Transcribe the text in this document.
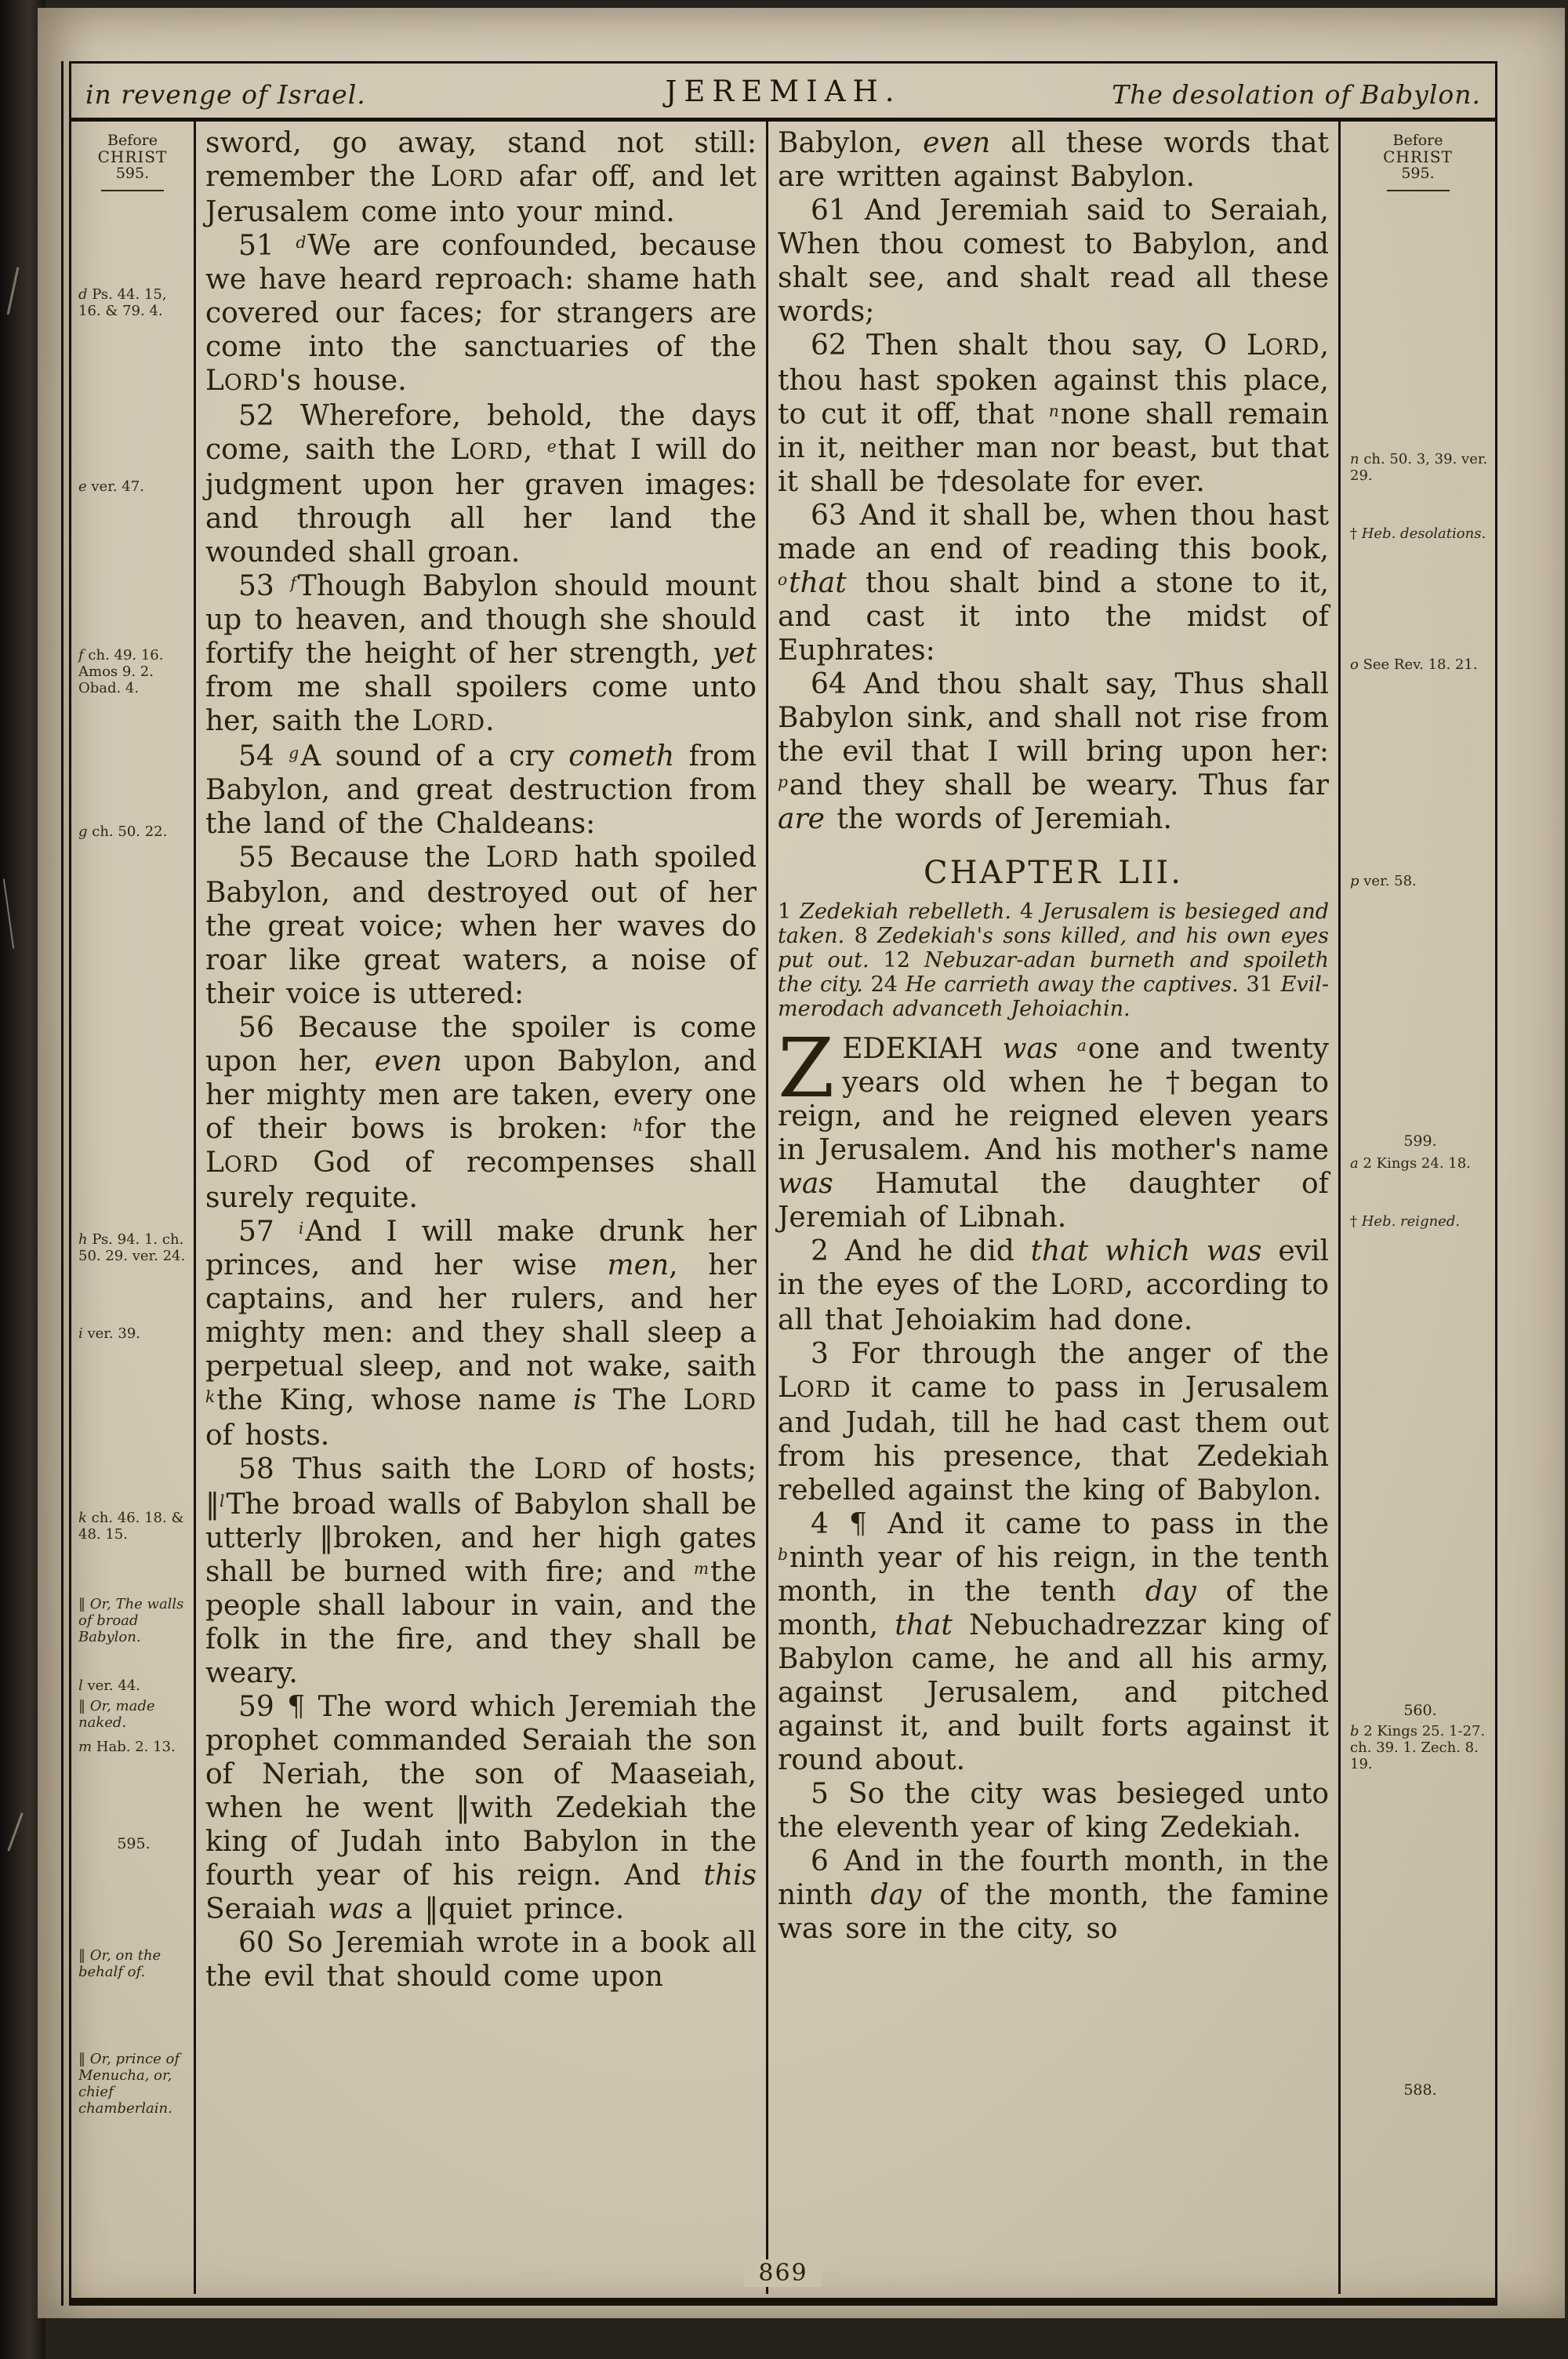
in revenge of Israel.	JEREMIAH.	The desolation of Babylon.
Before
CHRIST
595.
d Ps. 44. 15, 16. & 79. 4.
e ver. 47.
f ch. 49. 16. Amos 9. 2. Obad. 4.
g ch. 50. 22.
h Ps. 94. 1. ch. 50. 29. ver. 24.
i ver. 39.
k ch. 46. 18. & 48. 15.
‖ Or, The walls of broad Babylon.
l ver. 44.
‖ Or, made naked.
m Hab. 2. 13.
595.
‖ Or, on the behalf of.
‖ Or, prince of Menucha, or, chief chamberlain.

sword, go away, stand not still: remember the LORD afar off, and let Jerusalem come into your mind.

51 $^d$We are confounded, because we have heard reproach: shame hath covered our faces; for strangers are come into the sanctuaries of the LORD's house.

52 Wherefore, behold, the days come, saith the LORD, $^e$that I will do judgment upon her graven images: and through all her land the wounded shall groan.

53 $^f$Though Babylon should mount up to heaven, and though she should fortify the height of her strength, yet from me shall spoilers come unto her, saith the LORD.

54 $^g$A sound of a cry cometh from Babylon, and great destruction from the land of the Chaldeans:

55 Because the LORD hath spoiled Babylon, and destroyed out of her the great voice; when her waves do roar like great waters, a noise of their voice is uttered:

56 Because the spoiler is come upon her, even upon Babylon, and her mighty men are taken, every one of their bows is broken: $^h$for the LORD God of recompenses shall surely requite.

57 $^i$And I will make drunk her princes, and her wise men, her captains, and her rulers, and her mighty men: and they shall sleep a perpetual sleep, and not wake, saith $^k$the King, whose name is The LORD of hosts.

58 Thus saith the LORD of hosts; ‖$^l$The broad walls of Babylon shall be utterly ‖broken, and her high gates shall be burned with fire; and $^m$the people shall labour in vain, and the folk in the fire, and they shall be weary.

59 ¶ The word which Jeremiah the prophet commanded Seraiah the son of Neriah, the son of Maaseiah, when he went ‖with Zedekiah the king of Judah into Babylon in the fourth year of his reign. And this Seraiah was a ‖quiet prince.

60 So Jeremiah wrote in a book all the evil that should come upon

Babylon, even all these words that are written against Babylon.

61 And Jeremiah said to Seraiah, When thou comest to Babylon, and shalt see, and shalt read all these words;

62 Then shalt thou say, O LORD, thou hast spoken against this place, to cut it off, that $^n$none shall remain in it, neither man nor beast, but that it shall be †desolate for ever.

63 And it shall be, when thou hast made an end of reading this book, $^o$that thou shalt bind a stone to it, and cast it into the midst of Euphrates:

64 And thou shalt say, Thus shall Babylon sink, and shall not rise from the evil that I will bring upon her: $^p$and they shall be weary. Thus far are the words of Jeremiah.

CHAPTER LII.

1 Zedekiah rebelleth. 4 Jerusalem is besieged and taken. 8 Zedekiah's sons killed, and his own eyes put out. 12 Nebuzar-adan burneth and spoileth the city. 24 He carrieth away the captives. 31 Evil-merodach advanceth Jehoiachin.

ZEDEKIAH was $^a$one and twenty years old when he †began to reign, and he reigned eleven years in Jerusalem. And his mother's name was Hamutal the daughter of Jeremiah of Libnah.

2 And he did that which was evil in the eyes of the LORD, according to all that Jehoiakim had done.

3 For through the anger of the LORD it came to pass in Jerusalem and Judah, till he had cast them out from his presence, that Zedekiah rebelled against the king of Babylon.

4 ¶ And it came to pass in the $^b$ninth year of his reign, in the tenth month, in the tenth day of the month, that Nebuchadrezzar king of Babylon came, he and all his army, against Jerusalem, and pitched against it, and built forts against it round about.

5 So the city was besieged unto the eleventh year of king Zedekiah.

6 And in the fourth month, in the ninth day of the month, the famine was sore in the city, so

Before
CHRIST
595.
n ch. 50. 3, 39. ver. 29.
† Heb. desolations.
o See Rev. 18. 21.
p ver. 58.
599.
a 2 Kings 24. 18.
† Heb. reigned.
560.
b 2 Kings 25. 1-27. ch. 39. 1. Zech. 8. 19.
588.
869
